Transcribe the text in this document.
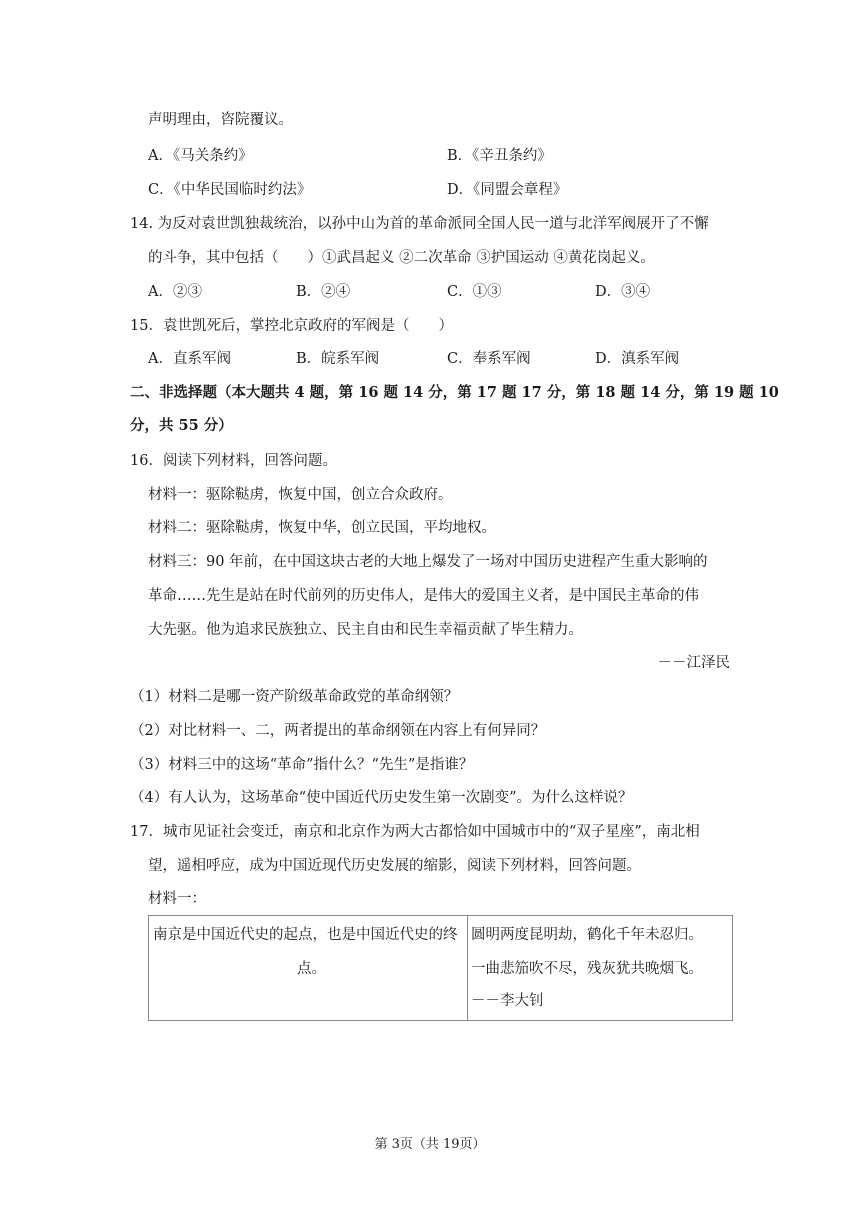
声明理由，咨院覆议。
A．《马关条约》	B．《辛丑条约》
C．《中华民国临时约法》	D．《同盟会章程》
14. 为反对袁世凯独裁统治，以孙中山为首的革命派同全国人民一道与北洋军阀展开了不懈
的斗争，其中包括（　　）①武昌起义 ②二次革命 ③护国运动 ④黄花岗起义。
A．②③	B．②④	C．①③	D．③④
15．袁世凯死后，掌控北京政府的军阀是（　　）
A．直系军阀	B．皖系军阀	C．奉系军阀	D．滇系军阀
二、非选择题（本大题共 4 题，第 16 题 14 分，第 17 题 17 分，第 18 题 14 分，第 19 题 10
分，共 55 分）
16．阅读下列材料，回答问题。
材料一：驱除鞑虏，恢复中国，创立合众政府。
材料二：驱除鞑虏，恢复中华，创立民国，平均地权。
材料三：90 年前，在中国这块古老的大地上爆发了一场对中国历史进程产生重大影响的
革命……先生是站在时代前列的历史伟人，是伟大的爱国主义者，是中国民主革命的伟
大先驱。他为追求民族独立、民主自由和民生幸福贡献了毕生精力。
－－江泽民
（1）材料二是哪一资产阶级革命政党的革命纲领？
（2）对比材料一、二，两者提出的革命纲领在内容上有何异同？
（3）材料三中的这场“革命”指什么？“先生”是指谁？
（4）有人认为，这场革命“使中国近代历史发生第一次剧变”。为什么这样说？
17．城市见证社会变迁，南京和北京作为两大古都恰如中国城市中的“双子星座”，南北相
望，遥相呼应，成为中国近现代历史发展的缩影，阅读下列材料，回答问题。
材料一：
南京是中国近代史的起点，也是中国近代史的终
点。

圆明两度昆明劫，鹤化千年未忍归。
一曲悲笳吹不尽，残灰犹共晚烟飞。
－－李大钊
第 3页（共 19页）
